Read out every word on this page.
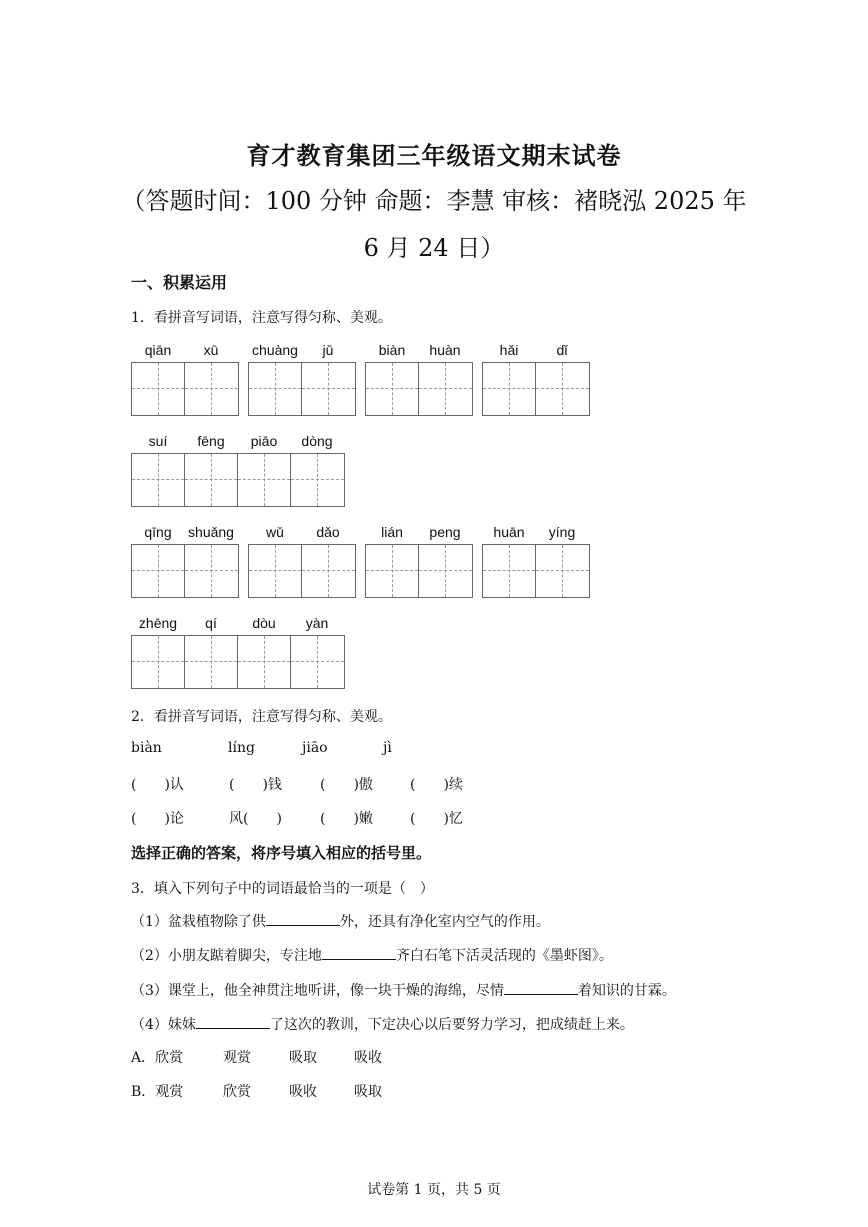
育才教育集团三年级语文期末试卷
（答题时间：100 分钟 命题：李慧 审核：褚晓泓 2025 年 6 月 24 日）
一、积累运用
1．看拼音写词语，注意写得匀称、美观。
qiān	xū	chuàng	jǔ	biàn	huàn	hǎi	dǐ
suí	fēng	piāo	dòng
qīng	shuǎng	wǔ	dǎo	lián	peng	huān	yíng
zhēng	qí	dòu	yàn
2．看拼音写词语，注意写得匀称、美观。
biàn	líng	jiāo	jì
(　　)认	(　　)钱	(　　)傲	(　　)续
(　　)论	风(　　)	(　　)嫩	(　　)忆
选择正确的答案，将序号填入相应的括号里。
3．填入下列句子中的词语最恰当的一项是（　）
（1）盆栽植物除了供	外，还具有净化室内空气的作用。
（2）小朋友踮着脚尖，专注地	齐白石笔下活灵活现的《墨虾图》。
（3）课堂上，他全神贯注地听讲，像一块干燥的海绵，尽情	着知识的甘霖。
（4）妹妹	了这次的教训，下定决心以后要努力学习，把成绩赶上来。
A．欣赏	观赏	吸取	吸收
B．观赏	欣赏	吸收	吸取
试卷第 1 页，共 5 页
